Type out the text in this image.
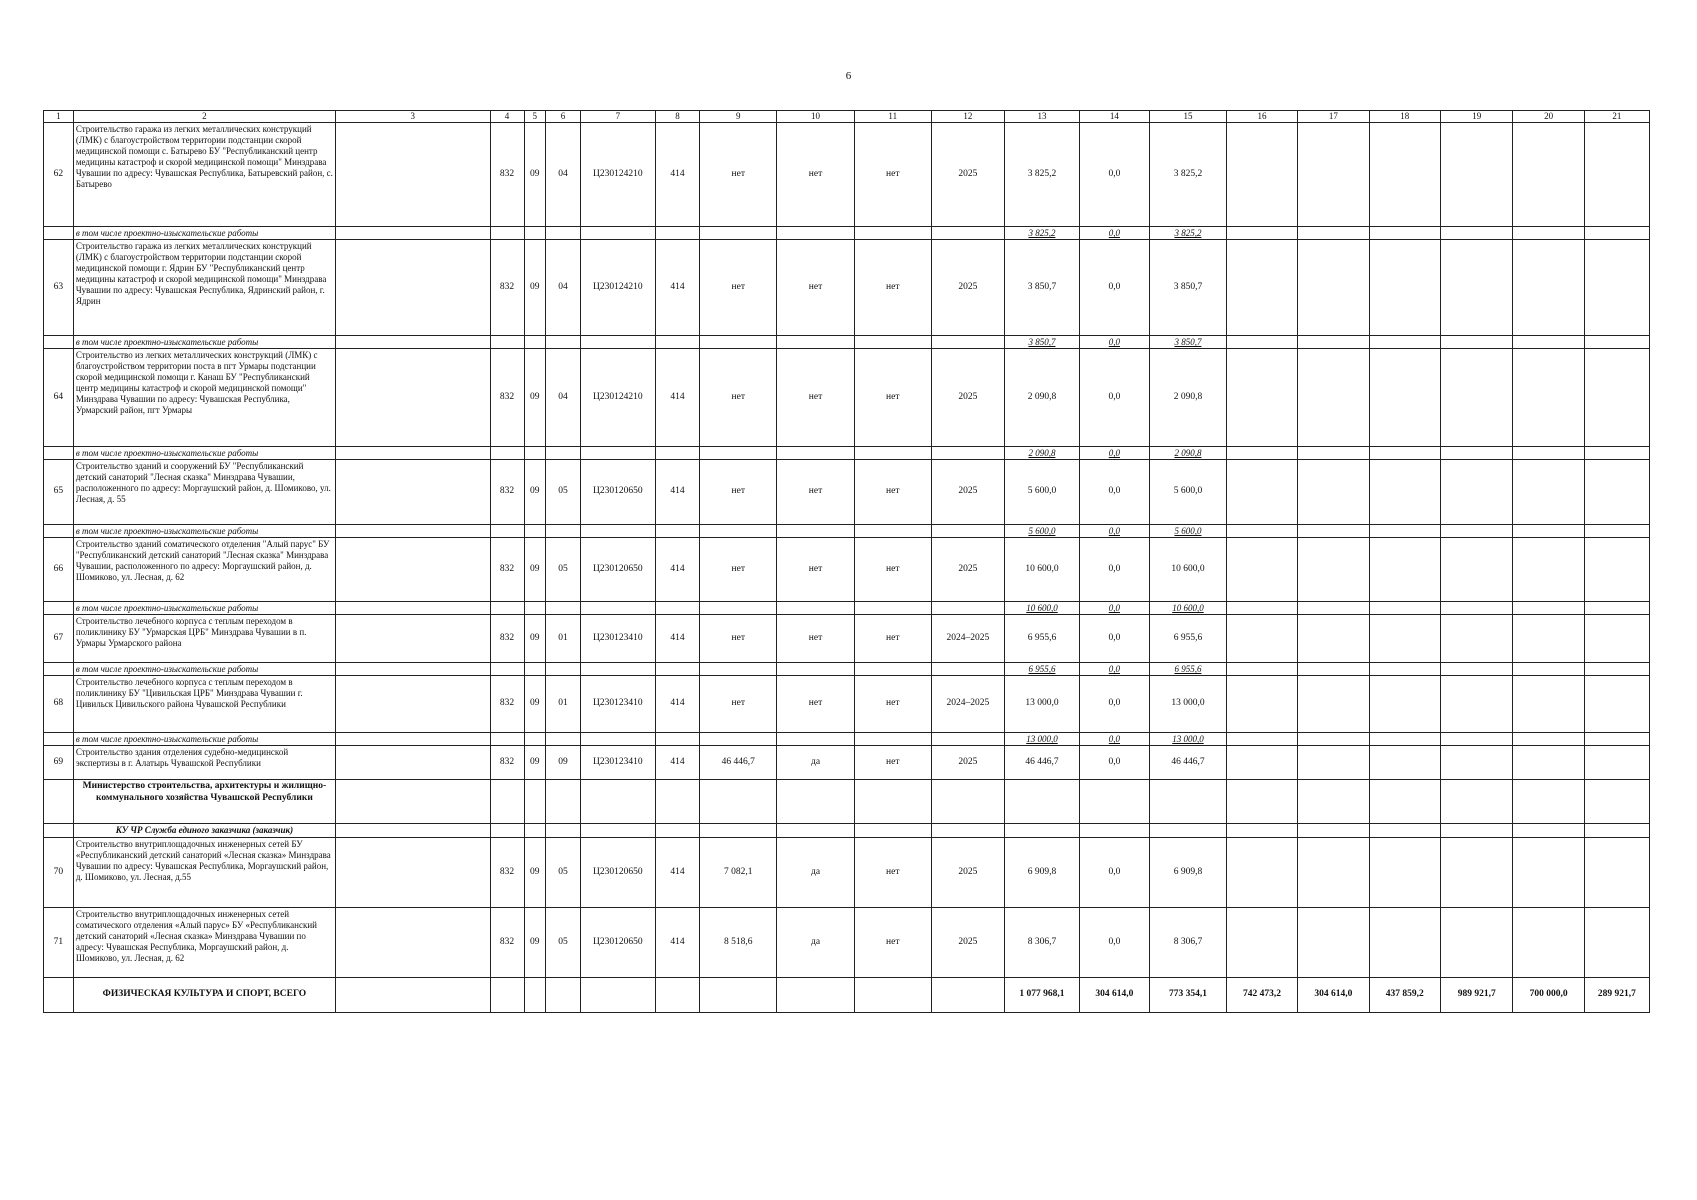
6
1	2	3	4	5	6	7	8	9	10	11	12	13	14	15	16	17	18	19	20	21
62	Строительство гаража из легких металлических конструкций (ЛМК) с благоустройством территории подстанции скорой медицинской помощи с. Батырево БУ "Республиканский центр медицины катастроф и скорой медицинской помощи" Минздрава Чувашии по адресу: Чувашская Республика, Батыревский район, с. Батырево		832	09	04	Ц230124210	414	нет	нет	нет	2025	3 825,2	0,0	3 825,2						
	в том числе проектно-изыскательские работы											3 825,2	0,0	3 825,2						
63	Строительство гаража из легких металлических конструкций (ЛМК) с благоустройством территории подстанции скорой медицинской помощи г. Ядрин БУ "Республиканский центр медицины катастроф и скорой медицинской помощи" Минздрава Чувашии по адресу: Чувашская Республика, Ядринский район, г. Ядрин		832	09	04	Ц230124210	414	нет	нет	нет	2025	3 850,7	0,0	3 850,7						
	в том числе проектно-изыскательские работы											3 850,7	0,0	3 850,7						
64	Строительство из легких металлических конструкций (ЛМК) с благоустройством территории поста в пгт Урмары подстанции скорой медицинской помощи г. Канаш БУ "Республиканский центр медицины катастроф и скорой медицинской помощи" Минздрава Чувашии по адресу: Чувашская Республика, Урмарский район, пгт Урмары		832	09	04	Ц230124210	414	нет	нет	нет	2025	2 090,8	0,0	2 090,8						
	в том числе проектно-изыскательские работы											2 090,8	0,0	2 090,8						
65	Строительство зданий и сооружений БУ "Республиканский детский санаторий "Лесная сказка" Минздрава Чувашии, расположенного по адресу: Моргаушский район, д. Шомиково, ул. Лесная, д. 55		832	09	05	Ц230120650	414	нет	нет	нет	2025	5 600,0	0,0	5 600,0						
	в том числе проектно-изыскательские работы											5 600,0	0,0	5 600,0						
66	Строительство зданий соматического отделения "Алый парус" БУ "Республиканский детский санаторий "Лесная сказка" Минздрава Чувашии, расположенного по адресу: Моргаушский район, д. Шомиково, ул. Лесная, д. 62		832	09	05	Ц230120650	414	нет	нет	нет	2025	10 600,0	0,0	10 600,0						
	в том числе проектно-изыскательские работы											10 600,0	0,0	10 600,0						
67	Строительство лечебного корпуса с теплым переходом в поликлинику БУ "Урмарская ЦРБ" Минздрава Чувашии в п. Урмары Урмарского района		832	09	01	Ц230123410	414	нет	нет	нет	2024–2025	6 955,6	0,0	6 955,6						
	в том числе проектно-изыскательские работы											6 955,6	0,0	6 955,6						
68	Строительство лечебного корпуса с теплым переходом в поликлинику БУ "Цивильская ЦРБ" Минздрава Чувашии г. Цивильск Цивильского района Чувашской Республики		832	09	01	Ц230123410	414	нет	нет	нет	2024–2025	13 000,0	0,0	13 000,0						
	в том числе проектно-изыскательские работы											13 000,0	0,0	13 000,0						
69	Строительство здания отделения судебно-медицинской экспертизы в г. Алатырь Чувашской Республики		832	09	09	Ц230123410	414	46 446,7	да	нет	2025	46 446,7	0,0	46 446,7						
	Министерство строительства, архитектуры и жилищно-коммунального хозяйства Чувашской Республики																			
	КУ ЧР Служба единого заказчика (заказчик)																			
70	Строительство внутриплощадочных инженерных сетей БУ «Республиканский детский санаторий «Лесная сказка» Минздрава Чувашии по адресу: Чувашская Республика, Моргаушский район, д. Шомиково, ул. Лесная, д.55		832	09	05	Ц230120650	414	7 082,1	да	нет	2025	6 909,8	0,0	6 909,8						
71	Строительство внутриплощадочных инженерных сетей соматического отделения «Алый парус» БУ «Республиканский детский санаторий «Лесная сказка» Минздрава Чувашии по адресу: Чувашская Республика, Моргаушский район, д. Шомиково, ул. Лесная, д. 62		832	09	05	Ц230120650	414	8 518,6	да	нет	2025	8 306,7	0,0	8 306,7						
	ФИЗИЧЕСКАЯ КУЛЬТУРА И СПОРТ, ВСЕГО											1 077 968,1	304 614,0	773 354,1	742 473,2	304 614,0	437 859,2	989 921,7	700 000,0	289 921,7
